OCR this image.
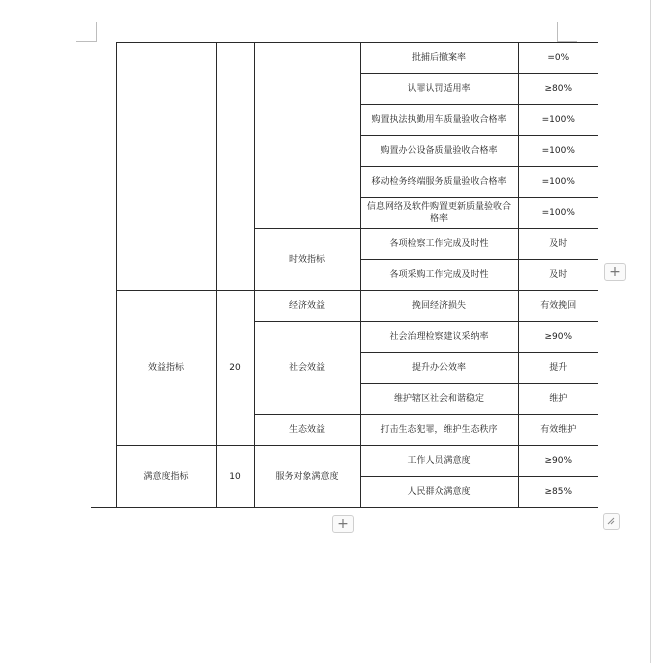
				批捕后撤案率	=0%
				认罪认罚适用率	≥80%
				购置执法执勤用车质量验收合格率	=100%
				购置办公设备质量验收合格率	=100%
				移动检务终端服务质量验收合格率	=100%
				信息网络及软件购置更新质量验收合格率	=100%
			时效指标	各项检察工作完成及时性	及时
				各项采购工作完成及时性	及时
	效益指标	20	经济效益	挽回经济损失	有效挽回
			社会效益	社会治理检察建议采纳率	≥90%
				提升办公效率	提升
				维护辖区社会和谐稳定	维护
			生态效益	打击生态犯罪，维护生态秩序	有效维护
	满意度指标	10	服务对象满意度	工作人员满意度	≥90%
				人民群众满意度	≥85%
+
+
